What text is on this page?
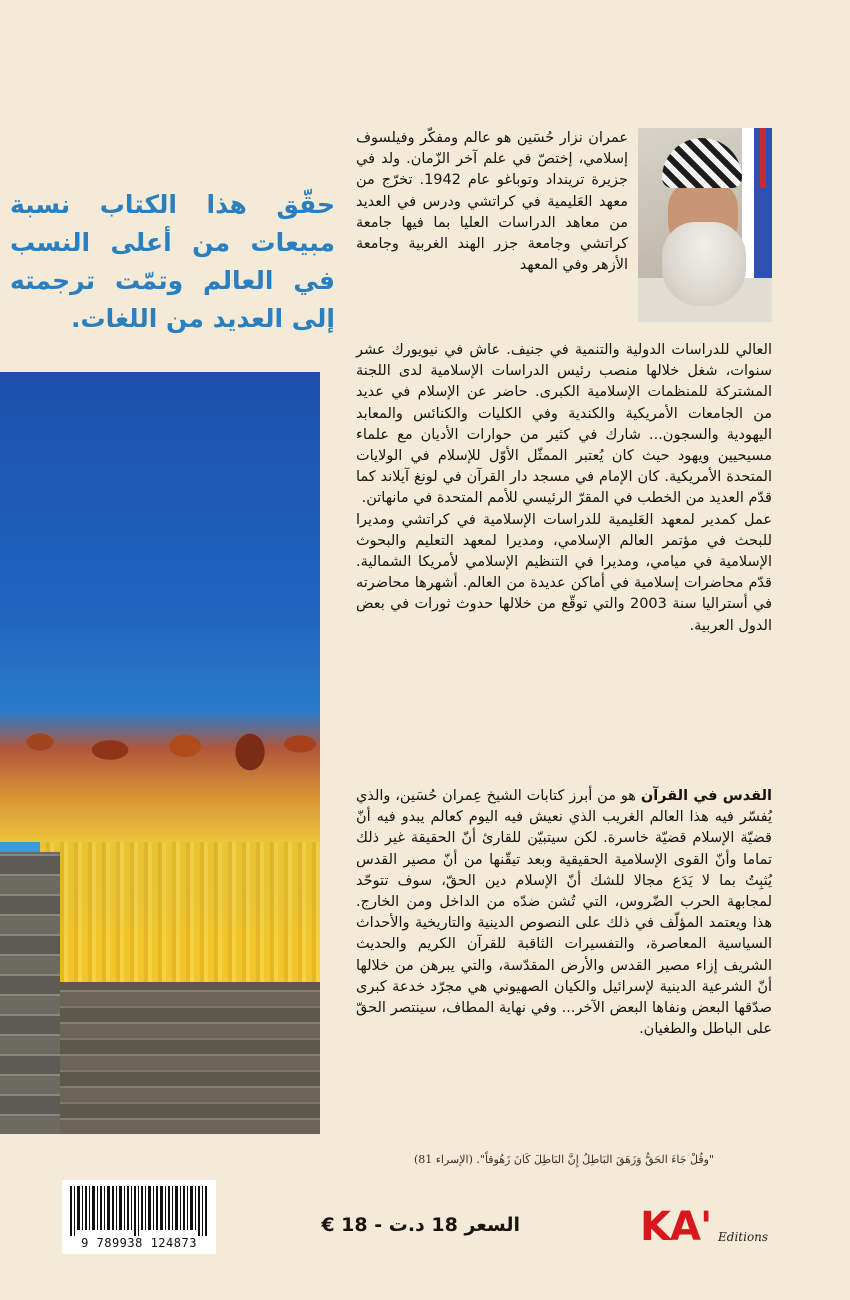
حقّق هذا الكتاب نسبة مبيعات من أعلى النسب في العالم وتمّت ترجمته إلى العديد من اللغات.
عمران نزار حُسَين هو عالم ومفكّر وفيلسوف إسلامي، إختصّ في علم آخر الزّمان. ولد في جزيرة ترينداد وتوباغو عام 1942. تخرّج من معهد العَليمية في كراتشي ودرس في العديد من معاهد الدراسات العليا بما فيها جامعة كراتشي وجامعة جزر الهند الغربية وجامعة الأزهر وفي المعهد

العالي للدراسات الدولية والتنمية في جنيف. عاش في نيويورك عشر سنوات، شغل خلالها منصب رئيس الدراسات الإسلامية لدى اللجنة المشتركة للمنظمات الإسلامية الكبرى. حاضر عن الإسلام في عديد من الجامعات الأمريكية والكندية وفي الكليات والكنائس والمعابد اليهودية والسجون... شارك في كثير من حوارات الأديان مع علماء مسيحيين ويهود حيث كان يُعتبر الممثّل الأوّل للإسلام في الولايات المتحدة الأمريكية. كان الإمام في مسجد دار القرآن في لونغ آيلاند كما قدّم العديد من الخطب في المقرّ الرئيسي للأمم المتحدة في مانهاتن.

عمل كمدير لمعهد العَليمية للدراسات الإسلامية في كراتشي ومديرا للبحث في مؤتمر العالم الإسلامي، ومديرا لمعهد التعليم والبحوث الإسلامية في ميامي، ومديرا في التنظيم الإسلامي لأمريكا الشمالية. قدّم محاضرات إسلامية في أماكن عديدة من العالم. أشهرها محاضرته في أستراليا سنة 2003 والتي توقّع من خلالها حدوث ثورات في بعض الدول العربية.

القدس في القرآن هو من أبرز كتابات الشيخ عِمران حُسَين، والذي يُفسّر فيه هذا العالم الغريب الذي نعيش فيه اليوم كعالم يبدو فيه أنّ قضيّة الإسلام قضيّة خاسرة. لكن سيتبيّن للقارئ أنّ الحقيقة غير ذلك تماما وأنّ القوى الإسلامية الحقيقية وبعد تيقّنها من أنّ مصير القدس يُثبِتُ بما لا يَدَع مجالا للشك أنّ الإسلام دين الحقّ، سوف تتوحّد لمجابهة الحرب الضّروس، التي تُشن ضدّه من الداخل ومن الخارج. هذا ويعتمد المؤلّف في ذلك على النصوص الدينية والتاريخية والأحداث السياسية المعاصرة، والتفسيرات الثاقبة للقرآن الكريم والحديث الشريف إزاء مصير القدس والأرض المقدّسة، والتي يبرهن من خلالها أنّ الشرعية الدينية لإسرائيل والكيان الصهيوني هي مجرّد خدعة كبرى صدّقها البعض ونفاها البعض الآخر... وفي نهاية المطاف، سينتصر الحقّ على الباطل والطغيان.
"وقُلْ جَاءَ الحَقُّ وَزَهَقَ البَاطِلُ إِنَّ البَاطِلَ كَانَ زَهُوقاً". (الإسراء 81)
9 789938 124873
السعر 18 د.ت - 18 €	KA' Editions
